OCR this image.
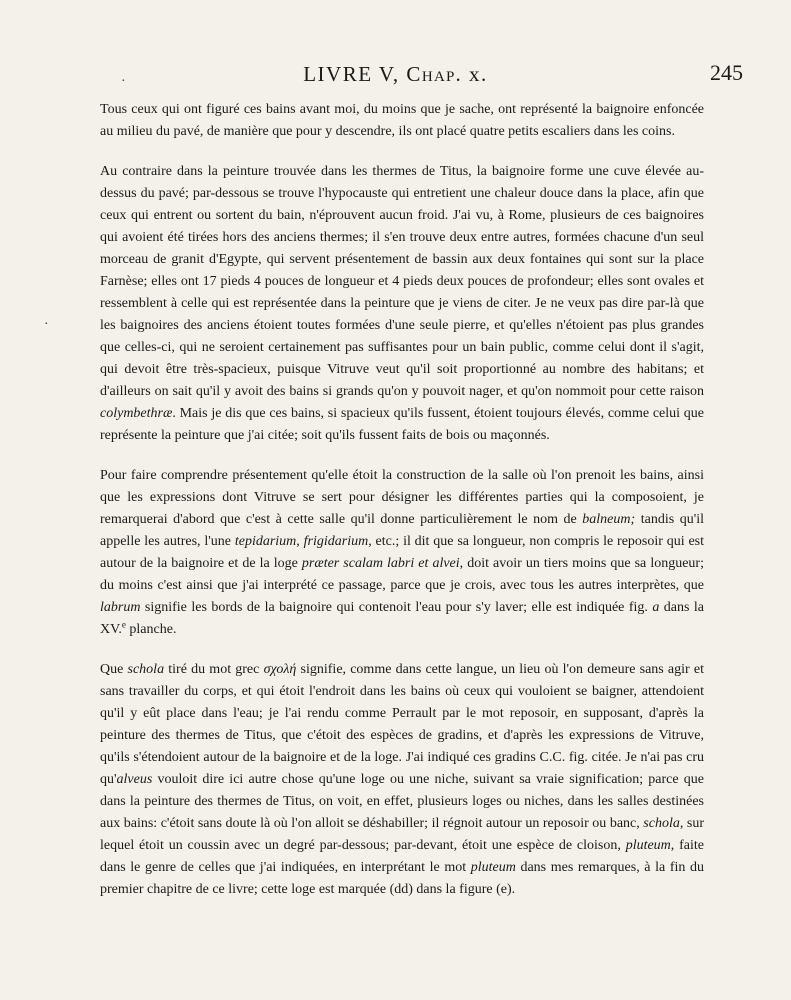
LIVRE V, CHAP. x.	245
·
·

Tous ceux qui ont figuré ces bains avant moi, du moins que je sache, ont représenté la baignoire enfoncée au milieu du pavé, de manière que pour y descendre, ils ont placé quatre petits escaliers dans les coins.

Au contraire dans la peinture trouvée dans les thermes de Titus, la baignoire forme une cuve élevée au-dessus du pavé; par-dessous se trouve l'hypocauste qui entretient une chaleur douce dans la place, afin que ceux qui entrent ou sortent du bain, n'éprouvent aucun froid. J'ai vu, à Rome, plusieurs de ces baignoires qui avoient été tirées hors des anciens thermes; il s'en trouve deux entre autres, formées chacune d'un seul morceau de granit d'Egypte, qui servent présentement de bassin aux deux fontaines qui sont sur la place Farnèse; elles ont 17 pieds 4 pouces de longueur et 4 pieds deux pouces de profondeur; elles sont ovales et ressemblent à celle qui est représentée dans la peinture que je viens de citer. Je ne veux pas dire par-là que les baignoires des anciens étoient toutes formées d'une seule pierre, et qu'elles n'étoient pas plus grandes que celles-ci, qui ne seroient certainement pas suffisantes pour un bain public, comme celui dont il s'agit, qui devoit être très-spacieux, puisque Vitruve veut qu'il soit proportionné au nombre des habitans; et d'ailleurs on sait qu'il y avoit des bains si grands qu'on y pouvoit nager, et qu'on nommoit pour cette raison colymbethræ. Mais je dis que ces bains, si spacieux qu'ils fussent, étoient toujours élevés, comme celui que représente la peinture que j'ai citée; soit qu'ils fussent faits de bois ou maçonnés.

Pour faire comprendre présentement qu'elle étoit la construction de la salle où l'on prenoit les bains, ainsi que les expressions dont Vitruve se sert pour désigner les différentes parties qui la composoient, je remarquerai d'abord que c'est à cette salle qu'il donne particulièrement le nom de balneum; tandis qu'il appelle les autres, l'une tepidarium, frigidarium, etc.; il dit que sa longueur, non compris le reposoir qui est autour de la baignoire et de la loge præter scalam labri et alvei, doit avoir un tiers moins que sa longueur; du moins c'est ainsi que j'ai interprété ce passage, parce que je crois, avec tous les autres interprètes, que labrum signifie les bords de la baignoire qui contenoit l'eau pour s'y laver; elle est indiquée fig. a dans la XV.$^e$ planche.

Que schola tiré du mot grec σχολή signifie, comme dans cette langue, un lieu où l'on demeure sans agir et sans travailler du corps, et qui étoit l'endroit dans les bains où ceux qui vouloient se baigner, attendoient qu'il y eût place dans l'eau; je l'ai rendu comme Perrault par le mot reposoir, en supposant, d'après la peinture des thermes de Titus, que c'étoit des espèces de gradins, et d'après les expressions de Vitruve, qu'ils s'étendoient autour de la baignoire et de la loge. J'ai indiqué ces gradins C.C. fig. citée. Je n'ai pas cru qu'alveus vouloit dire ici autre chose qu'une loge ou une niche, suivant sa vraie signification; parce que dans la peinture des thermes de Titus, on voit, en effet, plusieurs loges ou niches, dans les salles destinées aux bains: c'étoit sans doute là où l'on alloit se déshabiller; il régnoit autour un reposoir ou banc, schola, sur lequel étoit un coussin avec un degré par-dessous; par-devant, étoit une espèce de cloison, pluteum, faite dans le genre de celles que j'ai indiquées, en interprétant le mot pluteum dans mes remarques, à la fin du premier chapitre de ce livre; cette loge est marquée (dd) dans la figure (e).
